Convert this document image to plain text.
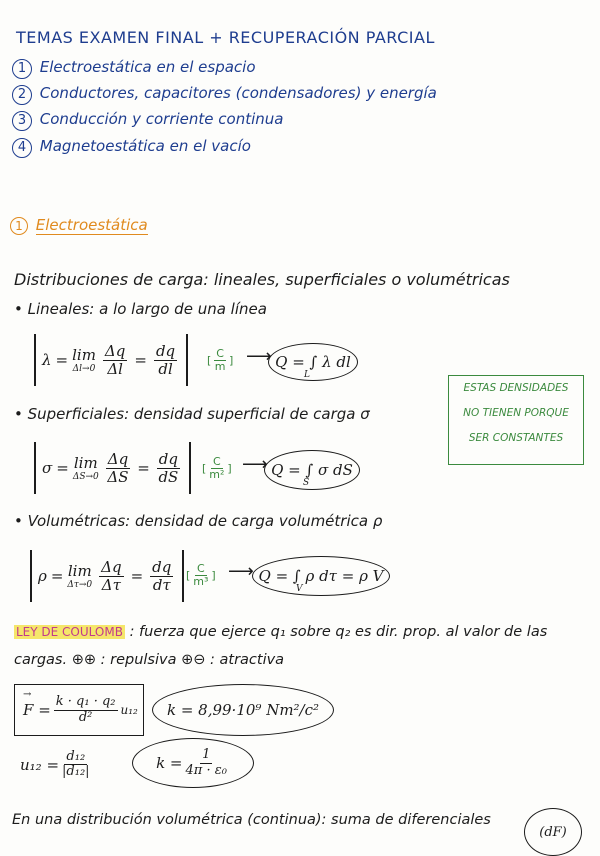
TEMAS EXAMEN FINAL + RECUPERACIÓN PARCIAL
1 Electroestática en el espacio
2 Conductores, capacitores (condensadores) y energía
3 Conducción y corriente continua
4 Magnetoestática en el vacío
1 Electroestática
Distribuciones de carga: lineales, superficiales o volumétricas
• Lineales: a lo largo de una línea
λ = lim
$\Delta l\to 0 \frac{\Delta q}{\Delta l} = \frac{dq}{dl}$	[ $\frac{C}{m}$ ] ⟶ Q = ∫ λ dl
L
ESTAS DENSIDADES
NO TIENEN PORQUE
SER CONSTANTES
• Superficiales: densidad superficial de carga σ
σ = lim
$\Delta S\to 0 \frac{\Delta q}{\Delta S} = \frac{dq}{dS}$ [ $\frac{C}{\text{m²}}$ ] ⟶ Q = ∫ σ dS
S
• Volumétricas: densidad de carga volumétrica ρ
ρ = lim
$\Delta\tau\to 0 \frac{\Delta q}{\Delta\tau} = \frac{dq}{d\tau}$ [ $\frac{C}{\text{m³}}$ ] ⟶ Q = ∫ ρ dτ = ρ V
V
LEY DE COULOMB : fuerza que ejerce q₁ sobre q₂ es dir. prop. al valor de las
cargas. ⊕⊕ : repulsiva ⊕⊖ : atractiva
→
$F = \frac{\text{k · q₁ · q₂}}{\text{d²}} u_{12}$ k = 8,99·10⁹ Nm²/c²
$u_{12} = \frac{\text{d₁₂}}{\text{|d₁₂|}}$	$k = \frac{1}{\text{4π · ε₀}}$
En una distribución volumétrica (continua): suma de diferenciales
(dF)
